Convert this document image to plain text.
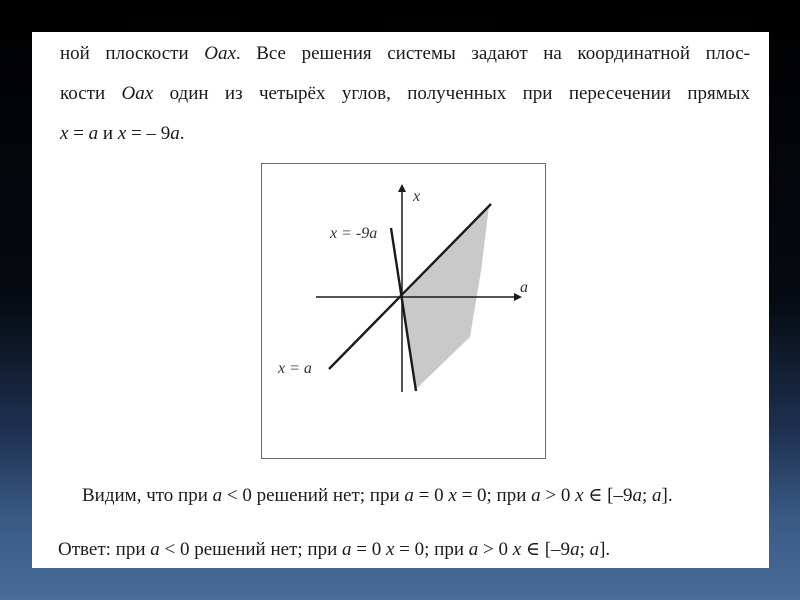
ной плоскости Oax. Все решения системы задают на координатной плос-
кости Oax один из четырёх углов, полученных при пересечении прямых
x = a и x = – 9a.
x
a
x = -9a
x = a
Видим, что при a < 0 решений нет; при a = 0 x = 0; при a > 0 x ∈ [–9a; a].
Ответ: при a < 0 решений нет; при a = 0 x = 0; при a > 0 x ∈ [–9a; a].
